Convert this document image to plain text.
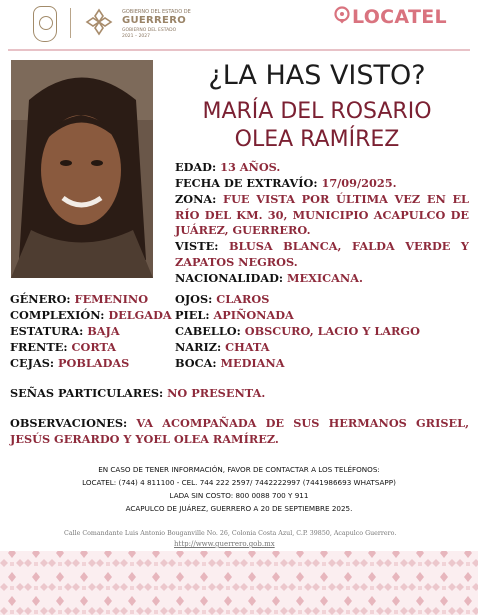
GOBIERNO DEL ESTADO DE
GUERRERO
GOBIERNO DEL ESTADO
2021 – 2027
LOCATEL
¿LA HAS VISTO?
MARÍA DEL ROSARIO
OLEA RAMÍREZ
EDAD: 13 AÑOS.
FECHA DE EXTRAVÍO: 17/09/2025.
ZONA: FUE VISTA POR ÚLTIMA VEZ EN EL RÍO DEL KM. 30, MUNICIPIO ACAPULCO DE JUÁREZ, GUERRERO.
VISTE: BLUSA BLANCA, FALDA VERDE Y ZAPATOS NEGROS.
NACIONALIDAD: MEXICANA.
GÉNERO: FEMENINO
COMPLEXIÓN: DELGADA
ESTATURA: BAJA
FRENTE: CORTA
CEJAS: POBLADAS
OJOS: CLAROS
PIEL: APIÑONADA
CABELLO: OBSCURO, LACIO Y LARGO
NARIZ: CHATA
BOCA: MEDIANA
SEÑAS PARTICULARES: NO PRESENTA.
OBSERVACIONES: VA ACOMPAÑADA DE SUS HERMANOS GRISEL, JESÚS GERARDO Y YOEL OLEA RAMÍREZ.
EN CASO DE TENER INFORMACIÓN, FAVOR DE CONTACTAR A LOS TELÉFONOS:
LOCATEL: (744) 4 811100 - CEL. 744 222 2597/ 7442222997 (7441986693 WHATSAPP)
LADA SIN COSTO: 800 0088 700 Y 911
ACAPULCO DE JUÁREZ, GUERRERO A 20 DE SEPTIEMBRE 2025.
Calle Comandante Luis Antonio Bouganville No. 26, Colonia Costa Azul, C.P. 39850, Acapulco Guerrero.
http://www.guerrero.gob.mx
